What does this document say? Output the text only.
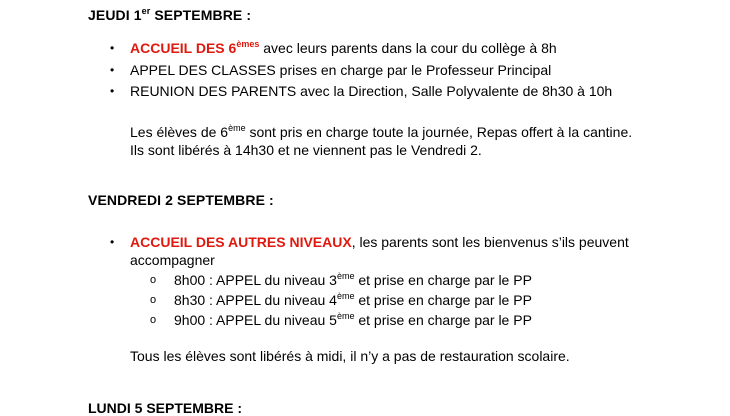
JEUDI 1er SEPTEMBRE :
• ACCUEIL DES 6èmes avec leurs parents dans la cour du collège à 8h
• APPEL DES CLASSES prises en charge par le Professeur Principal
• REUNION DES PARENTS avec la Direction, Salle Polyvalente de 8h30 à 10h
Les élèves de 6ème sont pris en charge toute la journée, Repas offert à la cantine.
Ils sont libérés à 14h30 et ne viennent pas le Vendredi 2.
VENDREDI 2 SEPTEMBRE :
• ACCUEIL DES AUTRES NIVEAUX, les parents sont les bienvenus s’ils peuvent
accompagner
o 8h00 : APPEL du niveau 3ème et prise en charge par le PP
o 8h30 : APPEL du niveau 4ème et prise en charge par le PP
o 9h00 : APPEL du niveau 5ème et prise en charge par le PP
Tous les élèves sont libérés à midi, il n’y a pas de restauration scolaire.
LUNDI 5 SEPTEMBRE :
